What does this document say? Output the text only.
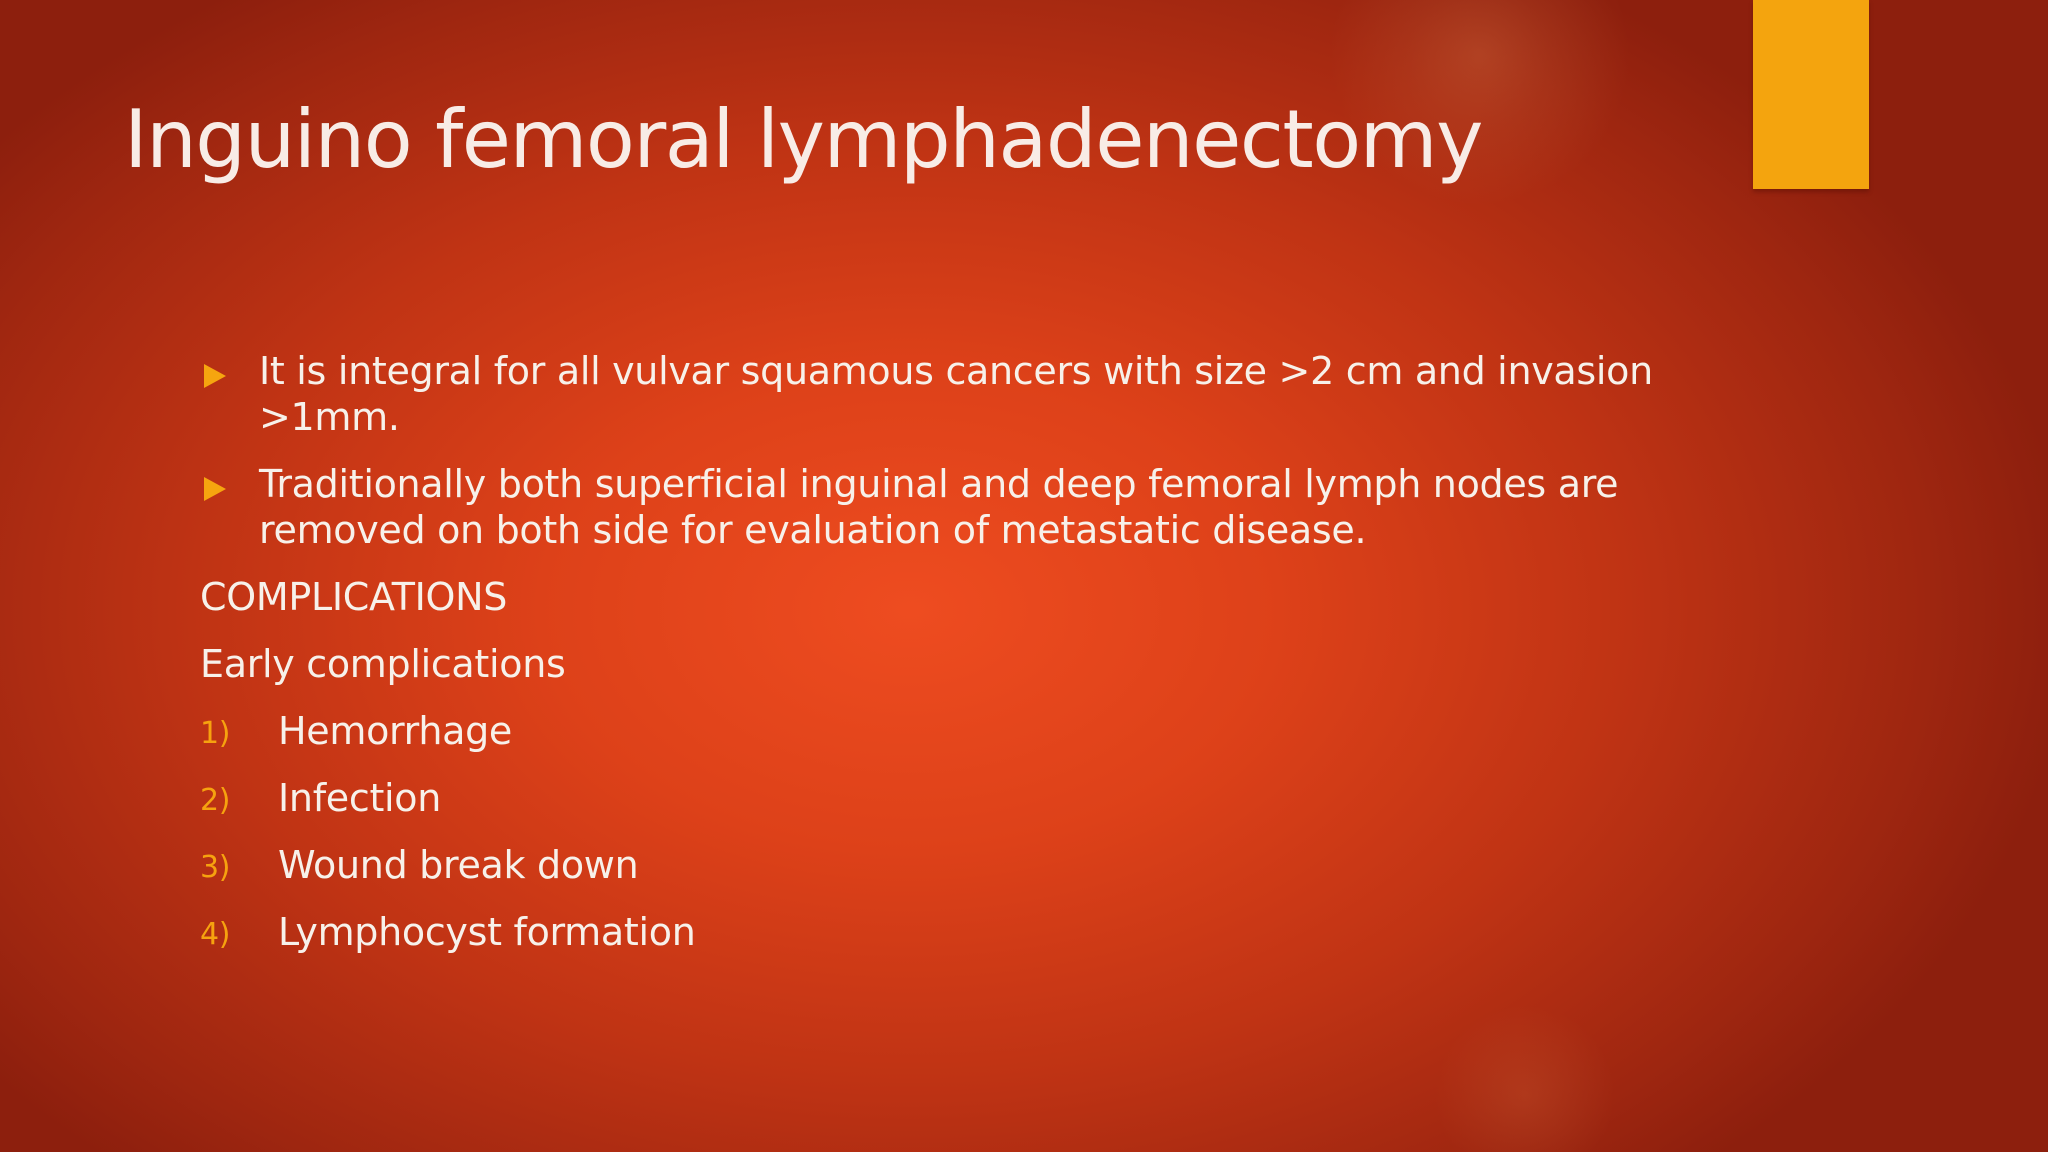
Inguino femoral lymphadenectomy
It is integral for all vulvar squamous cancers with size >2 cm and invasion >1mm.
Traditionally both superficial inguinal and deep femoral lymph nodes are removed on both side for evaluation of metastatic disease.
COMPLICATIONS
Early complications
1) Hemorrhage
2) Infection
3) Wound break down
4) Lymphocyst formation
